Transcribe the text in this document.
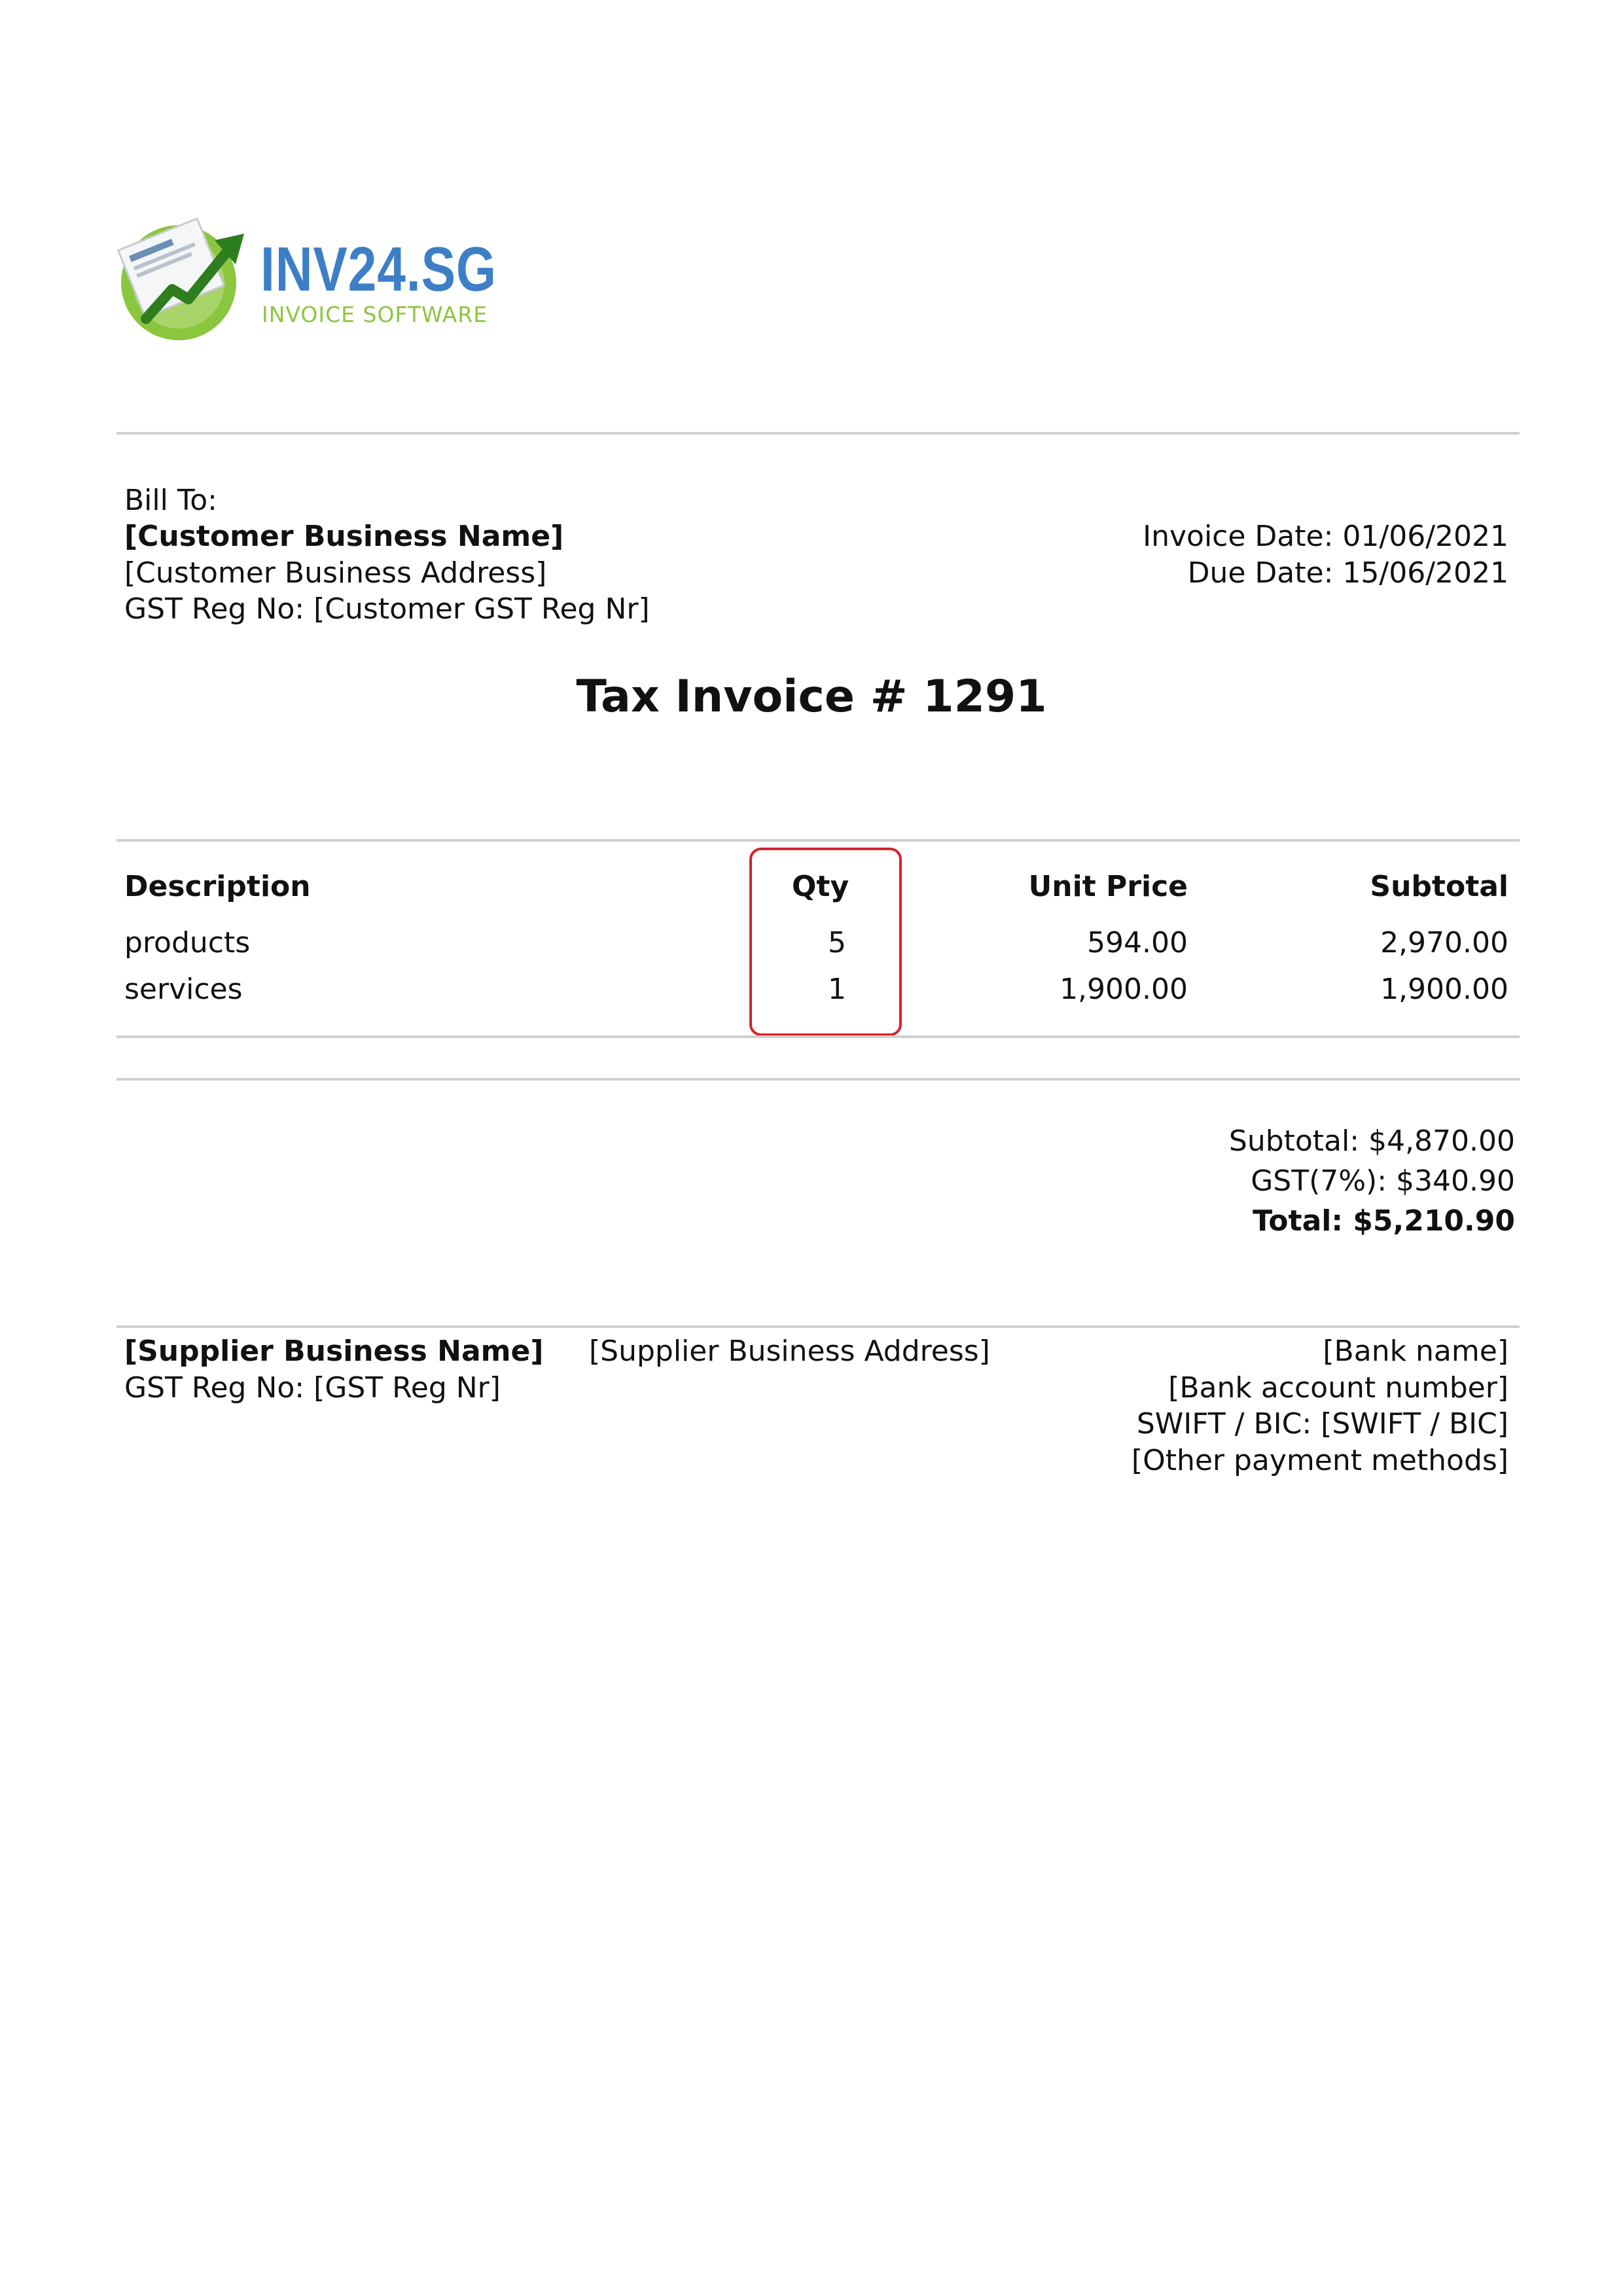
INV24.SG
INVOICE SOFTWARE
Bill To:
[Customer Business Name]
[Customer Business Address]
GST Reg No: [Customer GST Reg Nr]
Invoice Date: 01/06/2021
Due Date: 15/06/2021
Tax Invoice # 1291
Description	Qty	Unit Price	Subtotal
products	5	594.00	2,970.00
services	1	1,900.00	1,900.00
Subtotal: $4,870.00
GST(7%): $340.90
Total: $5,210.90
[Supplier Business Name]
GST Reg No: [GST Reg Nr]
[Supplier Business Address]	[Bank name]
[Bank account number]
SWIFT / BIC: [SWIFT / BIC]
[Other payment methods]
